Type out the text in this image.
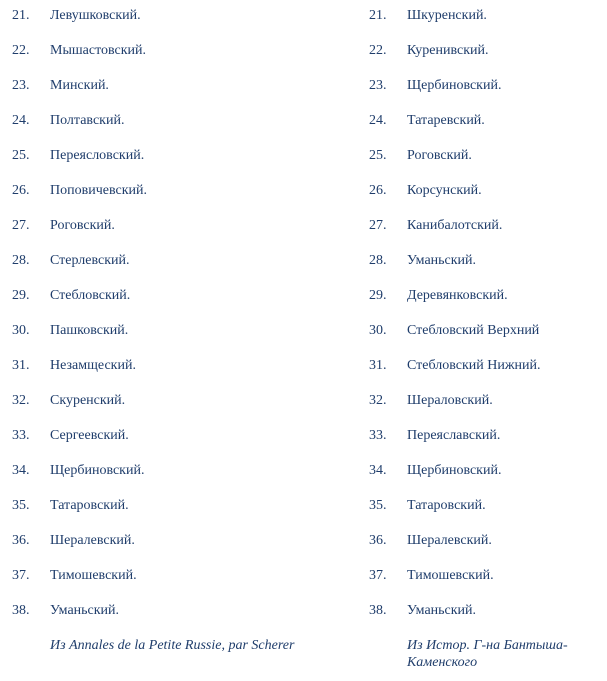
21. Левушковский.
22. Мышастовский.
23. Минский.
24. Полтавский.
25. Переясловский.
26. Поповичевский.
27. Роговский.
28. Стерлевский.
29. Стебловский.
30. Пашковский.
31. Незамщеский.
32. Скуренский.
33. Сергеевский.
34. Щербиновский.
35. Татаровский.
36. Шералевский.
37. Тимошевский.
38. Уманьский.
21. Шкуренский.
22. Куренивский.
23. Щербиновский.
24. Татаревский.
25. Роговский.
26. Корсунский.
27. Канибалотский.
28. Уманьский.
29. Деревянковский.
30. Стебловский Верхний
31. Стебловский Нижний.
32. Шераловский.
33. Переяславский.
34. Щербиновский.
35. Татаровский.
36. Шералевский.
37. Тимошевский.
38. Уманьский.
Из Annales de la Petite Russie, par Scherer	Из Истор. Г-на Бантыша-Каменского
